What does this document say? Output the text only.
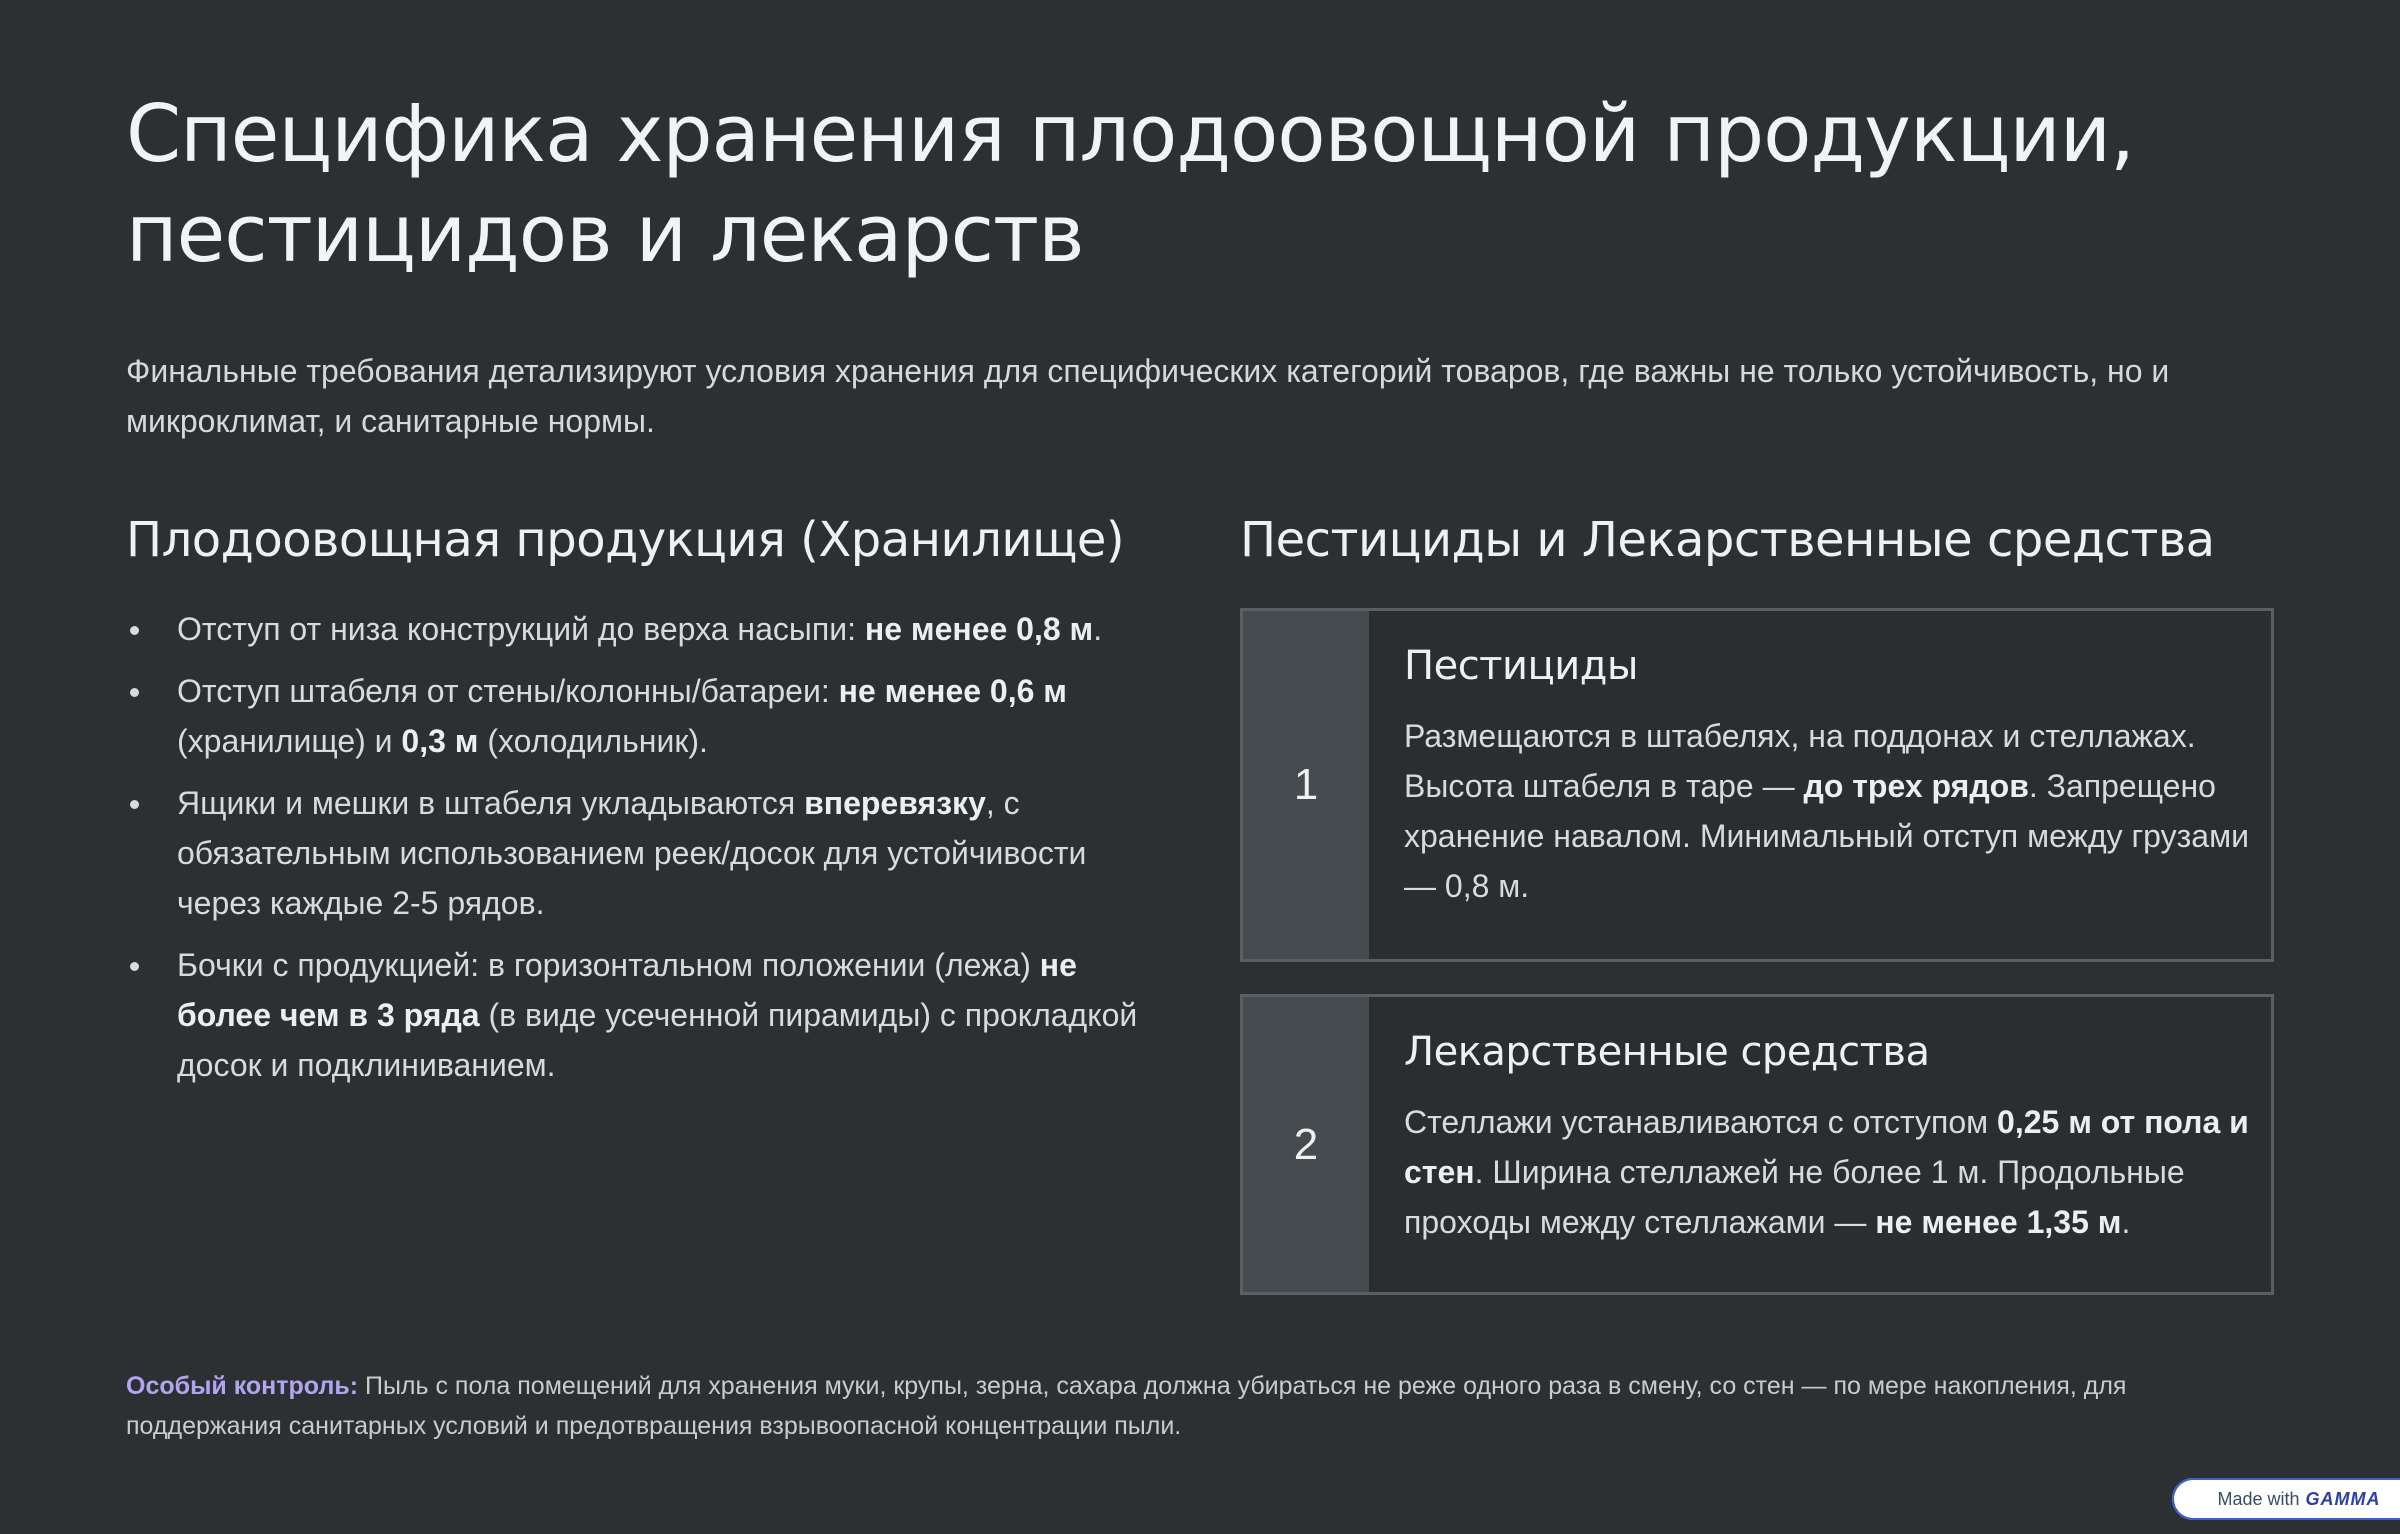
Специфика хранения плодоовощной продукции,
пестицидов и лекарств

Финальные требования детализируют условия хранения для специфических категорий товаров, где важны не только устойчивость, но и микроклимат, и санитарные нормы.

Плодоовощная продукция (Хранилище)
Отступ от низа конструкций до верха насыпи: не менее 0,8 м.
Отступ штабеля от стены/колонны/батареи: не менее 0,6 м (хранилище) и 0,3 м (холодильник).
Ящики и мешки в штабеля укладываются вперевязку, с обязательным использованием реек/досок для устойчивости через каждые 2-5 рядов.
Бочки с продукцией: в горизонтальном положении (лежа) не более чем в 3 ряда (в виде усеченной пирамиды) с прокладкой досок и подклиниванием.
Пестициды и Лекарственные средства
1
Пестициды

Размещаются в штабелях, на поддонах и стеллажах. Высота штабеля в таре — до трех рядов. Запрещено хранение навалом. Минимальный отступ между грузами — 0,8 м.

2
Лекарственные средства

Стеллажи устанавливаются с отступом 0,25 м от пола и стен. Ширина стеллажей не более 1 м. Продольные проходы между стеллажами — не менее 1,35 м.

Особый контроль: Пыль с пола помещений для хранения муки, крупы, зерна, сахара должна убираться не реже одного раза в смену, со стен — по мере накопления, для поддержания санитарных условий и предотвращения взрывоопасной концентрации пыли.

Made with GAMMA
